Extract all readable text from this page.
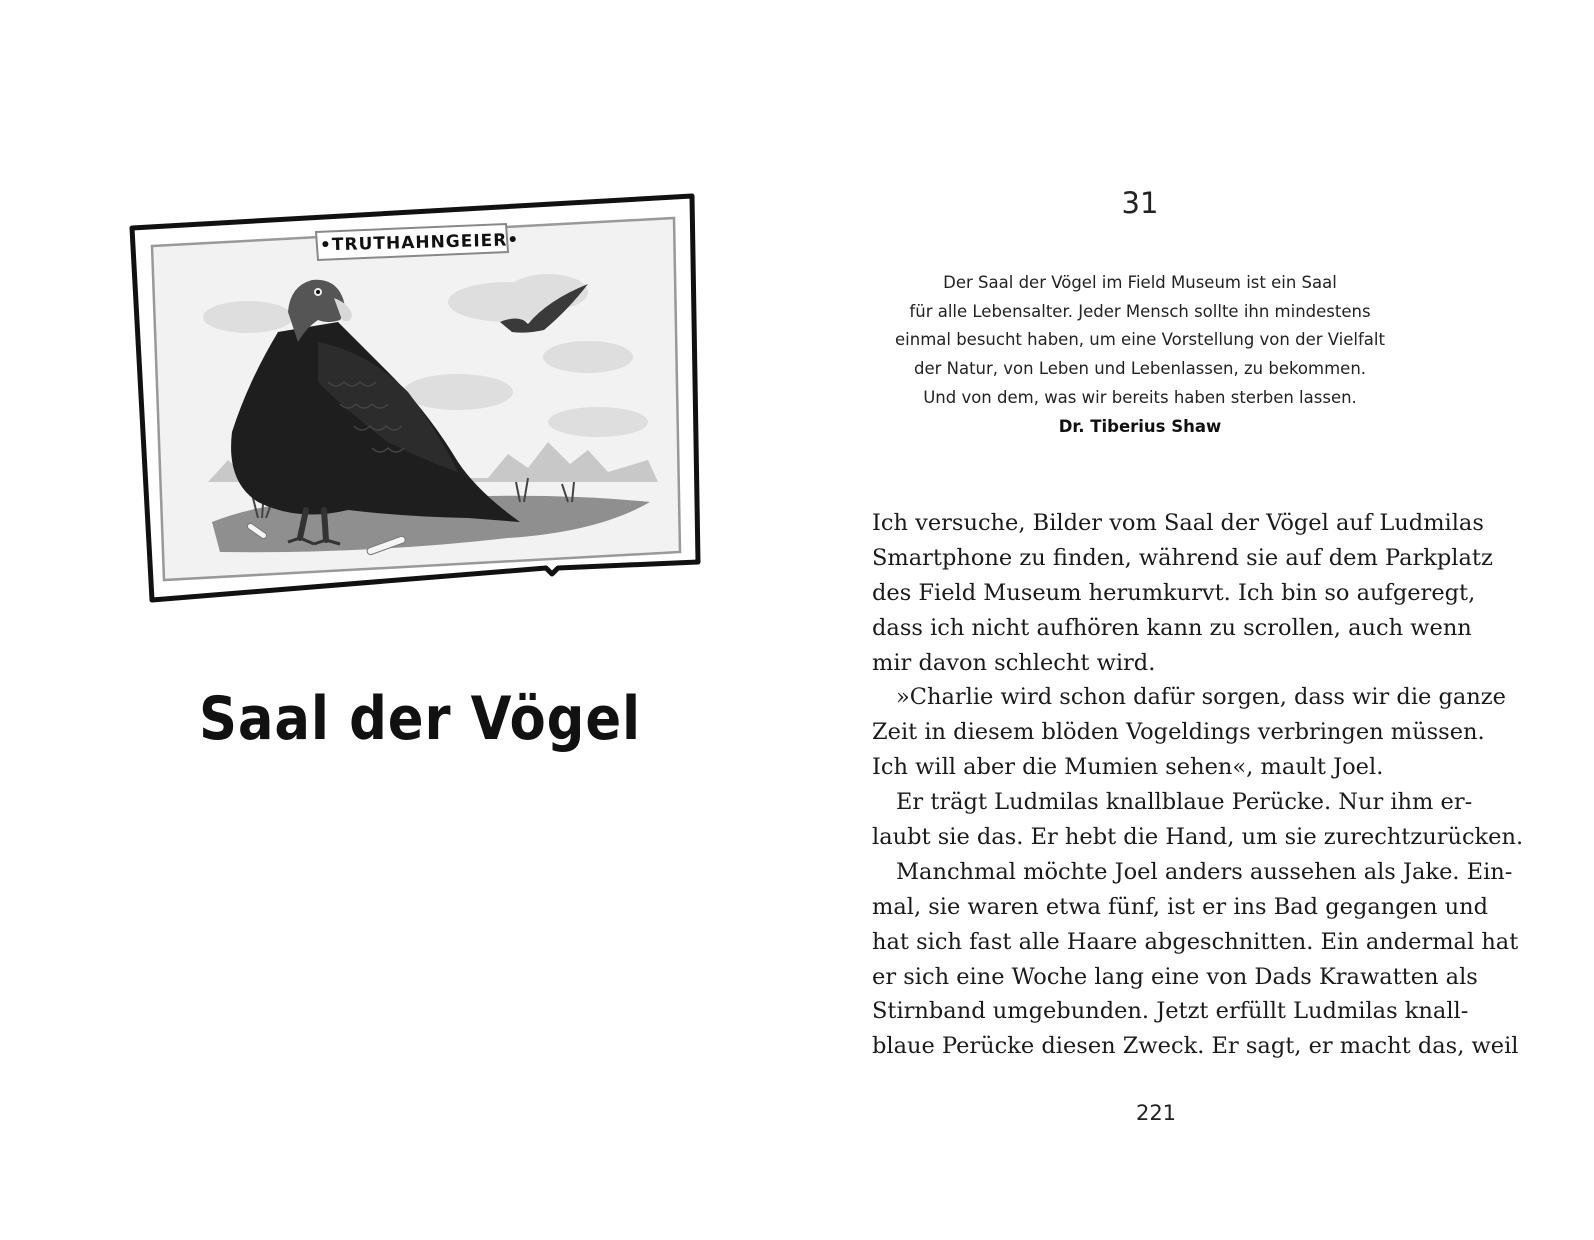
•TRUTHAHNGEIER•
Saal der Vögel
31
Der Saal der Vögel im Field Museum ist ein Saal
für alle Lebensalter. Jeder Mensch sollte ihn mindestens
einmal besucht haben, um eine Vorstellung von der Vielfalt
der Natur, von Leben und Lebenlassen, zu bekommen.
Und von dem, was wir bereits haben sterben lassen.
Dr. Tiberius Shaw
Ich versuche, Bilder vom Saal der Vögel auf Ludmilas
Smartphone zu finden, während sie auf dem Parkplatz
des Field Museum herumkurvt. Ich bin so aufgeregt,
dass ich nicht aufhören kann zu scrollen, auch wenn
mir davon schlecht wird.
»Charlie wird schon dafür sorgen, dass wir die ganze
Zeit in diesem blöden Vogeldings verbringen müssen.
Ich will aber die Mumien sehen«, mault Joel.
Er trägt Ludmilas knallblaue Perücke. Nur ihm er-
laubt sie das. Er hebt die Hand, um sie zurechtzurücken.
Manchmal möchte Joel anders aussehen als Jake. Ein-
mal, sie waren etwa fünf, ist er ins Bad gegangen und
hat sich fast alle Haare abgeschnitten. Ein andermal hat
er sich eine Woche lang eine von Dads Krawatten als
Stirnband umgebunden. Jetzt erfüllt Ludmilas knall-
blaue Perücke diesen Zweck. Er sagt, er macht das, weil
221
